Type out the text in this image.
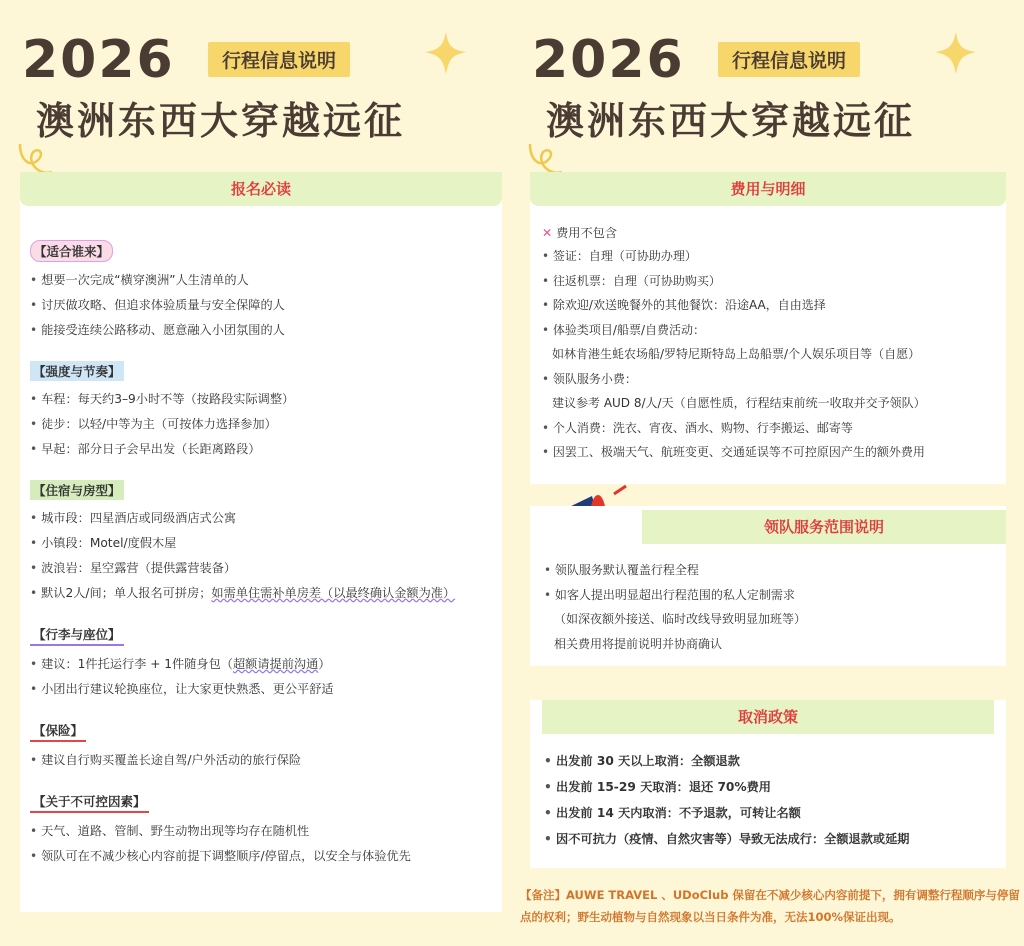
2026	行程信息说明
澳洲东西大穿越远征
报名必读
【适合谁来】
• 想要一次完成“横穿澳洲”人生清单的人
• 讨厌做攻略、但追求体验质量与安全保障的人
• 能接受连续公路移动、愿意融入小团氛围的人
【强度与节奏】
• 车程：每天约3–9小时不等（按路段实际调整）
• 徒步：以轻/中等为主（可按体力选择参加）
• 早起：部分日子会早出发（长距离路段）
【住宿与房型】
• 城市段：四星酒店或同级酒店式公寓
• 小镇段：Motel/度假木屋
• 波浪岩：星空露营（提供露营装备）
• 默认2人/间；单人报名可拼房；如需单住需补单房差（以最终确认金额为准）
【行李与座位】
• 建议：1件托运行李 + 1件随身包（超额请提前沟通）
• 小团出行建议轮换座位，让大家更快熟悉、更公平舒适
【保险】
• 建议自行购买覆盖长途自驾/户外活动的旅行保险
【关于不可控因素】
• 天气、道路、管制、野生动物出现等均存在随机性
• 领队可在不减少核心内容前提下调整顺序/停留点，以安全与体验优先
2026	行程信息说明
澳洲东西大穿越远征
费用与明细
✕ 费用不包含
• 签证：自理（可协助办理）
• 往返机票：自理（可协助购买）
• 除欢迎/欢送晚餐外的其他餐饮：沿途AA，自由选择
• 体验类项目/船票/自费活动：
如林肯港生蚝农场船/罗特尼斯特岛上岛船票/个人娱乐项目等（自愿）
• 领队服务小费：
建议参考 AUD 8/人/天（自愿性质，行程结束前统一收取并交予领队）
• 个人消费：洗衣、宵夜、酒水、购物、行李搬运、邮寄等
• 因罢工、极端天气、航班变更、交通延误等不可控原因产生的额外费用
领队服务范围说明
• 领队服务默认覆盖行程全程
• 如客人提出明显超出行程范围的私人定制需求
（如深夜额外接送、临时改线导致明显加班等）
相关费用将提前说明并协商确认
取消政策
• 出发前 30 天以上取消：全额退款
• 出发前 15-29 天取消：退还 70%费用
• 出发前 14 天内取消：不予退款，可转让名额
• 因不可抗力（疫情、自然灾害等）导致无法成行：全额退款或延期
【备注】AUWE TRAVEL 、UDoClub 保留在不减少核心内容前提下，拥有调整行程顺序与停留点的权利；野生动植物与自然现象以当日条件为准，无法100%保证出现。
